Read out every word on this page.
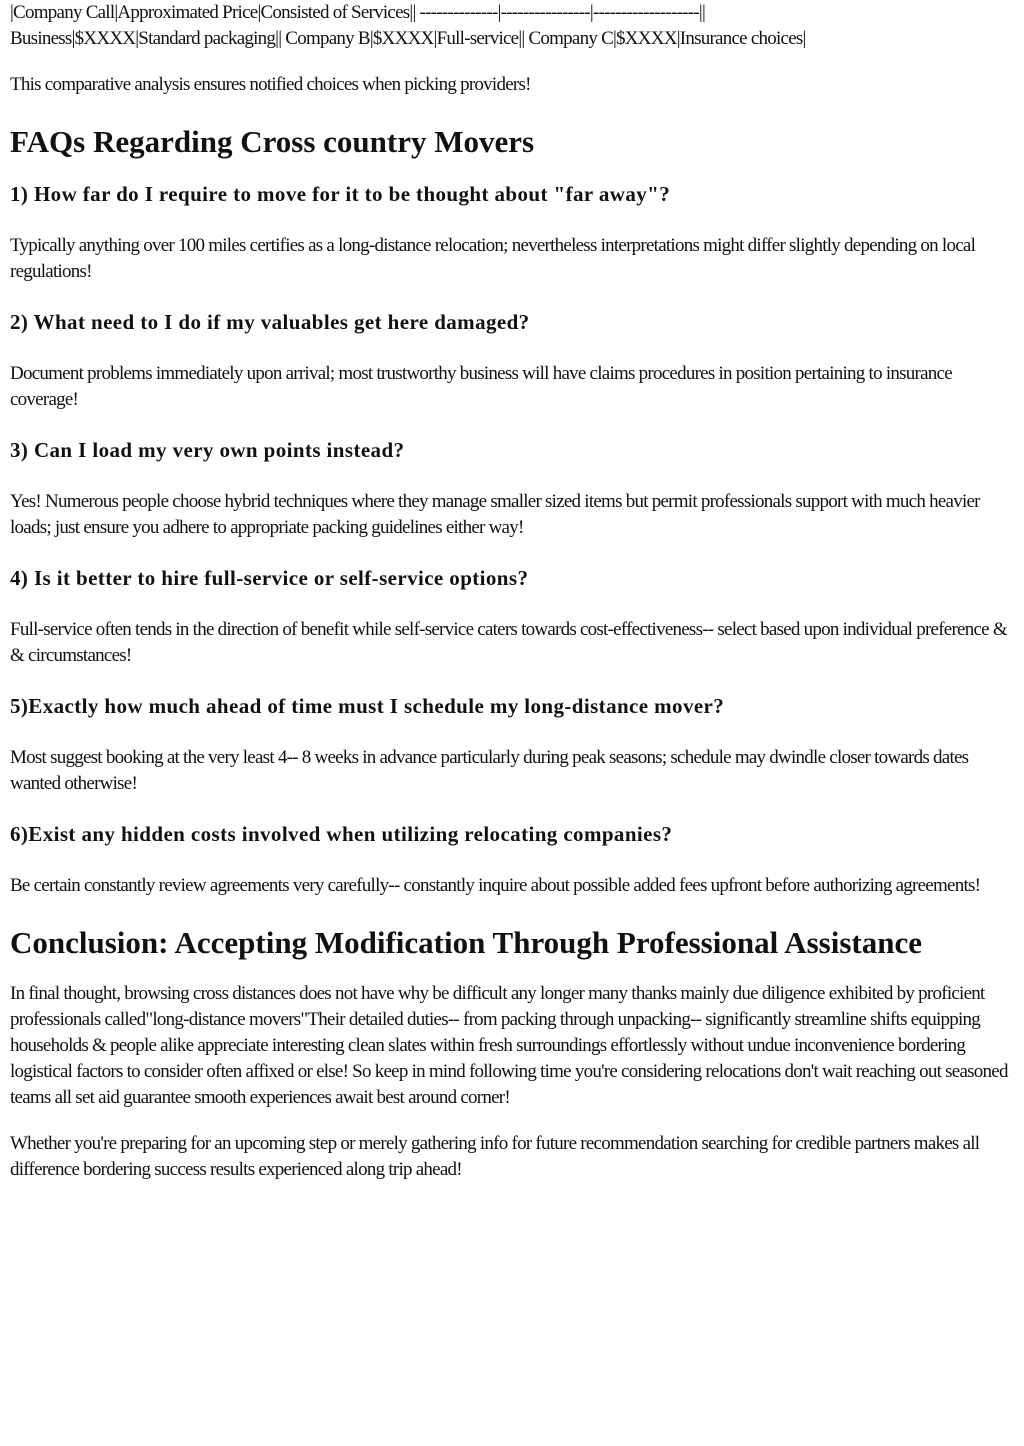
|Company Call|Approximated Price|Consisted of Services|| --------------|----------------|-------------------||
Business|$XXXX|Standard packaging|| Company B|$XXXX|Full-service|| Company C|$XXXX|Insurance choices|

This comparative analysis ensures notified choices when picking providers!

FAQs Regarding Cross country Movers
1) How far do I require to move for it to be thought about "far away"?

Typically anything over 100 miles certifies as a long-distance relocation; nevertheless interpretations might differ slightly depending on local regulations!

2) What need to I do if my valuables get here damaged?

Document problems immediately upon arrival; most trustworthy business will have claims procedures in position pertaining to insurance coverage!

3) Can I load my very own points instead?

Yes! Numerous people choose hybrid techniques where they manage smaller sized items but permit professionals support with much heavier loads; just ensure you adhere to appropriate packing guidelines either way!

4) Is it better to hire full-service or self-service options?

Full-service often tends in the direction of benefit while self-service caters towards cost-effectiveness-- select based upon individual preference & & circumstances!

5)Exactly how much ahead of time must I schedule my long-distance mover?

Most suggest booking at the very least 4-- 8 weeks in advance particularly during peak seasons; schedule may dwindle closer towards dates wanted otherwise!

6)Exist any hidden costs involved when utilizing relocating companies?

Be certain constantly review agreements very carefully-- constantly inquire about possible added fees upfront before authorizing agreements!

Conclusion: Accepting Modification Through Professional Assistance

In final thought, browsing cross distances does not have why be difficult any longer many thanks mainly due diligence exhibited by proficient professionals called"long-distance movers"Their detailed duties-- from packing through unpacking-- significantly streamline shifts equipping households & people alike appreciate interesting clean slates within fresh surroundings effortlessly without undue inconvenience bordering logistical factors to consider often affixed or else! So keep in mind following time you're considering relocations don't wait reaching out seasoned teams all set aid guarantee smooth experiences await best around corner!

Whether you're preparing for an upcoming step or merely gathering info for future recommendation searching for credible partners makes all difference bordering success results experienced along trip ahead!
